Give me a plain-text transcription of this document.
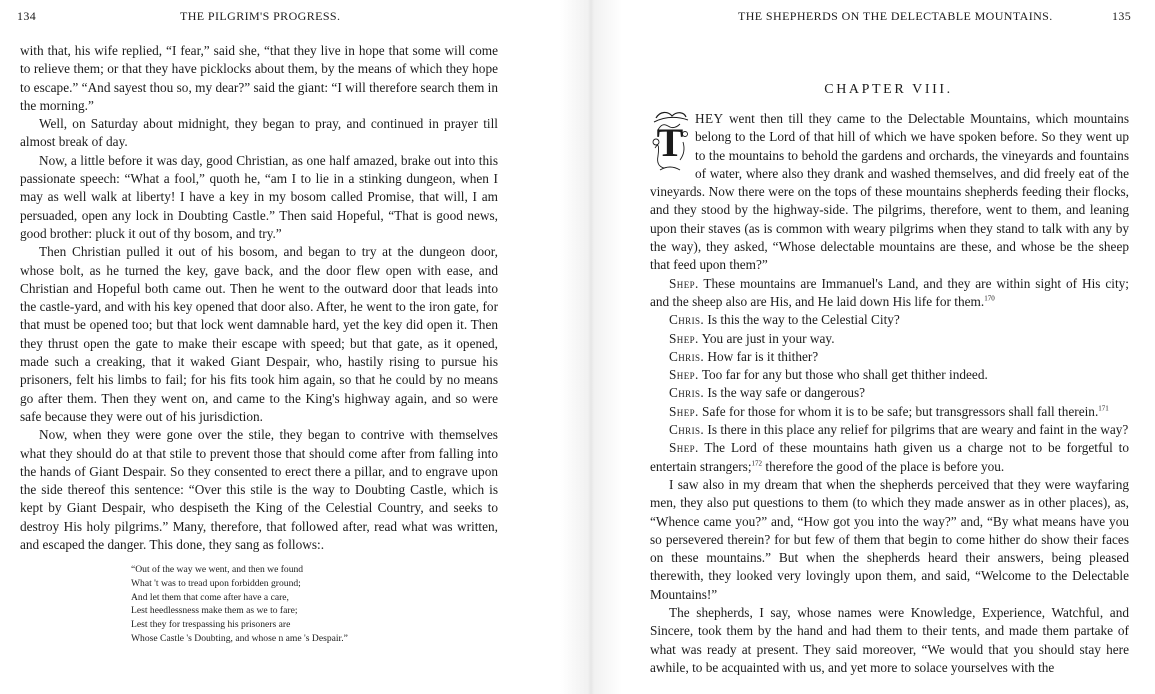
134	THE PILGRIM'S PROGRESS.

with that, his wife replied, “I fear,” said she, “that they live in hope that some will come to relieve them; or that they have picklocks about them, by the means of which they hope to escape.” “And sayest thou so, my dear?” said the giant: “I will therefore search them in the morning.”

Well, on Saturday about midnight, they began to pray, and continued in prayer till almost break of day.

Now, a little before it was day, good Christian, as one half amazed, brake out into this passionate speech: “What a fool,” quoth he, “am I to lie in a stinking dungeon, when I may as well walk at liberty! I have a key in my bosom called Promise, that will, I am persuaded, open any lock in Doubting Castle.” Then said Hopeful, “That is good news, good brother: pluck it out of thy bosom, and try.”

Then Christian pulled it out of his bosom, and began to try at the dungeon door, whose bolt, as he turned the key, gave back, and the door flew open with ease, and Christian and Hopeful both came out. Then he went to the outward door that leads into the castle-yard, and with his key opened that door also. After, he went to the iron gate, for that must be opened too; but that lock went damnable hard, yet the key did open it. Then they thrust open the gate to make their escape with speed; but that gate, as it opened, made such a creaking, that it waked Giant Despair, who, hastily rising to pursue his prisoners, felt his limbs to fail; for his fits took him again, so that he could by no means go after them. Then they went on, and came to the King's highway again, and so were safe because they were out of his jurisdiction.

Now, when they were gone over the stile, they began to contrive with themselves what they should do at that stile to prevent those that should come after from falling into the hands of Giant Despair. So they consented to erect there a pillar, and to engrave upon the side thereof this sentence: “Over this stile is the way to Doubting Castle, which is kept by Giant Despair, who despiseth the King of the Celestial Country, and seeks to destroy His holy pilgrims.” Many, therefore, that followed after, read what was written, and escaped the danger. This done, they sang as follows:.

“Out of the way we went, and then we found
What 't was to tread upon forbidden ground;
And let them that come after have a care,
Lest heedlessness make them as we to fare;
Lest they for trespassing his prisoners are
Whose Castle 's Doubting, and whose n ame 's Despair.”
THE SHEPHERDS ON THE DELECTABLE MOUNTAINS.	135
CHAPTER VIII.

T
HEY went then till they came to the Delectable Mountains, which mountains belong to the Lord of that hill of which we have spoken before. So they went up to the mountains to behold the gardens and orchards, the vineyards and fountains of water, where also they drank and washed themselves, and did freely eat of the vineyards. Now there were on the tops of these mountains shepherds feeding their flocks, and they stood by the highway-side. The pilgrims, therefore, went to them, and leaning upon their staves (as is common with weary pilgrims when they stand to talk with any by the way), they asked, “Whose delectable mountains are these, and whose be the sheep that feed upon them?”

Shep. These mountains are Immanuel's Land, and they are within sight of His city; and the sheep also are His, and He laid down His life for them.$^{170}$

Chris. Is this the way to the Celestial City?

Shep. You are just in your way.

Chris. How far is it thither?

Shep. Too far for any but those who shall get thither indeed.

Chris. Is the way safe or dangerous?

Shep. Safe for those for whom it is to be safe; but transgressors shall fall therein.$^{171}$

Chris. Is there in this place any relief for pilgrims that are weary and faint in the way?

Shep. The Lord of these mountains hath given us a charge not to be forgetful to entertain strangers;$^{172}$ therefore the good of the place is before you.

I saw also in my dream that when the shepherds perceived that they were wayfaring men, they also put questions to them (to which they made answer as in other places), as, “Whence came you?” and, “How got you into the way?” and, “By what means have you so persevered therein? for but few of them that begin to come hither do show their faces on these mountains.” But when the shepherds heard their answers, being pleased therewith, they looked very lovingly upon them, and said, “Welcome to the Delectable Mountains!”

The shepherds, I say, whose names were Knowledge, Experience, Watchful, and Sincere, took them by the hand and had them to their tents, and made them partake of what was ready at present. They said moreover, “We would that you should stay here awhile, to be acquainted with us, and yet more to solace yourselves with the
